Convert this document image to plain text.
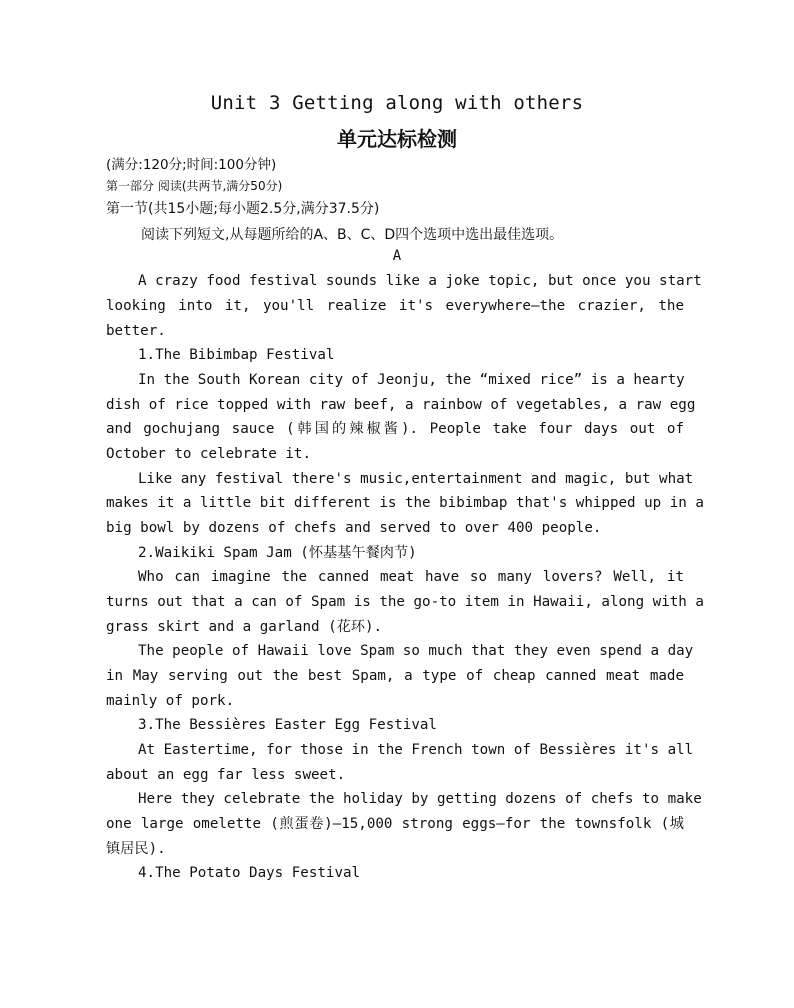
Unit 3 Getting along with others
单元达标检测
(满分:120分;时间:100分钟)
第一部分 阅读(共两节,满分50分)
第一节(共15小题;每小题2.5分,满分37.5分)
阅读下列短文,从每题所给的A、B、C、D四个选项中选出最佳选项。
A
A crazy food festival sounds like a joke topic, but once you start
looking into it, you'll realize it's everywhere—the crazier, the
better.
1.The Bibimbap Festival
In the South Korean city of Jeonju, the “mixed rice” is a hearty
dish of rice topped with raw beef, a rainbow of vegetables, a raw egg
and gochujang sauce (韩国的辣椒酱). People take four days out of
October to celebrate it.
Like any festival there's music,entertainment and magic, but what
makes it a little bit different is the bibimbap that's whipped up in a
big bowl by dozens of chefs and served to over 400 people.
2.Waikiki Spam Jam (怀基基午餐肉节)
Who can imagine the canned meat have so many lovers? Well, it
turns out that a can of Spam is the go-to item in Hawaii, along with a
grass skirt and a garland (花环).
The people of Hawaii love Spam so much that they even spend a day
in May serving out the best Spam, a type of cheap canned meat made
mainly of pork.
3.The Bessières Easter Egg Festival
At Eastertime, for those in the French town of Bessières it's all
about an egg far less sweet.
Here they celebrate the holiday by getting dozens of chefs to make
one large omelette (煎蛋卷)—15,000 strong eggs—for the townsfolk (城
镇居民).
4.The Potato Days Festival
